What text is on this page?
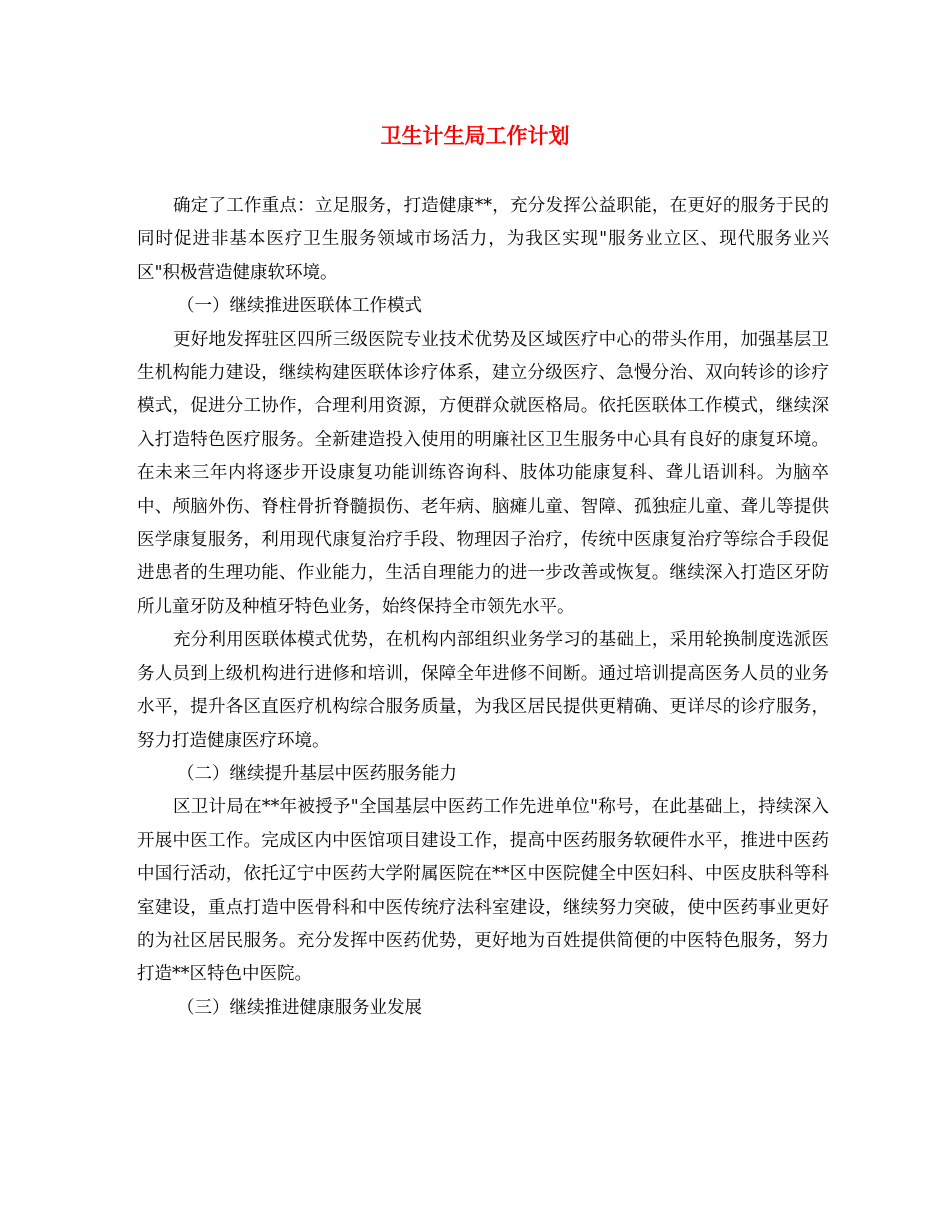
卫生计生局工作计划

确定了工作重点：立足服务，打造健康**，充分发挥公益职能，在更好的服务于民的同时促进非基本医疗卫生服务领域市场活力，为我区实现"服务业立区、现代服务业兴区"积极营造健康软环境。

（一）继续推进医联体工作模式

更好地发挥驻区四所三级医院专业技术优势及区域医疗中心的带头作用，加强基层卫生机构能力建设，继续构建医联体诊疗体系，建立分级医疗、急慢分治、双向转诊的诊疗模式，促进分工协作，合理利用资源，方便群众就医格局。依托医联体工作模式，继续深入打造特色医疗服务。全新建造投入使用的明廉社区卫生服务中心具有良好的康复环境。在未来三年内将逐步开设康复功能训练咨询科、肢体功能康复科、聋儿语训科。为脑卒中、颅脑外伤、脊柱骨折脊髓损伤、老年病、脑瘫儿童、智障、孤独症儿童、聋儿等提供医学康复服务，利用现代康复治疗手段、物理因子治疗，传统中医康复治疗等综合手段促进患者的生理功能、作业能力，生活自理能力的进一步改善或恢复。继续深入打造区牙防所儿童牙防及种植牙特色业务，始终保持全市领先水平。

充分利用医联体模式优势，在机构内部组织业务学习的基础上，采用轮换制度选派医务人员到上级机构进行进修和培训，保障全年进修不间断。通过培训提高医务人员的业务水平，提升各区直医疗机构综合服务质量，为我区居民提供更精确、更详尽的诊疗服务，努力打造健康医疗环境。

（二）继续提升基层中医药服务能力

区卫计局在**年被授予"全国基层中医药工作先进单位"称号，在此基础上，持续深入开展中医工作。完成区内中医馆项目建设工作，提高中医药服务软硬件水平，推进中医药中国行活动，依托辽宁中医药大学附属医院在**区中医院健全中医妇科、中医皮肤科等科室建设，重点打造中医骨科和中医传统疗法科室建设，继续努力突破，使中医药事业更好的为社区居民服务。充分发挥中医药优势，更好地为百姓提供简便的中医特色服务，努力打造**区特色中医院。

（三）继续推进健康服务业发展
